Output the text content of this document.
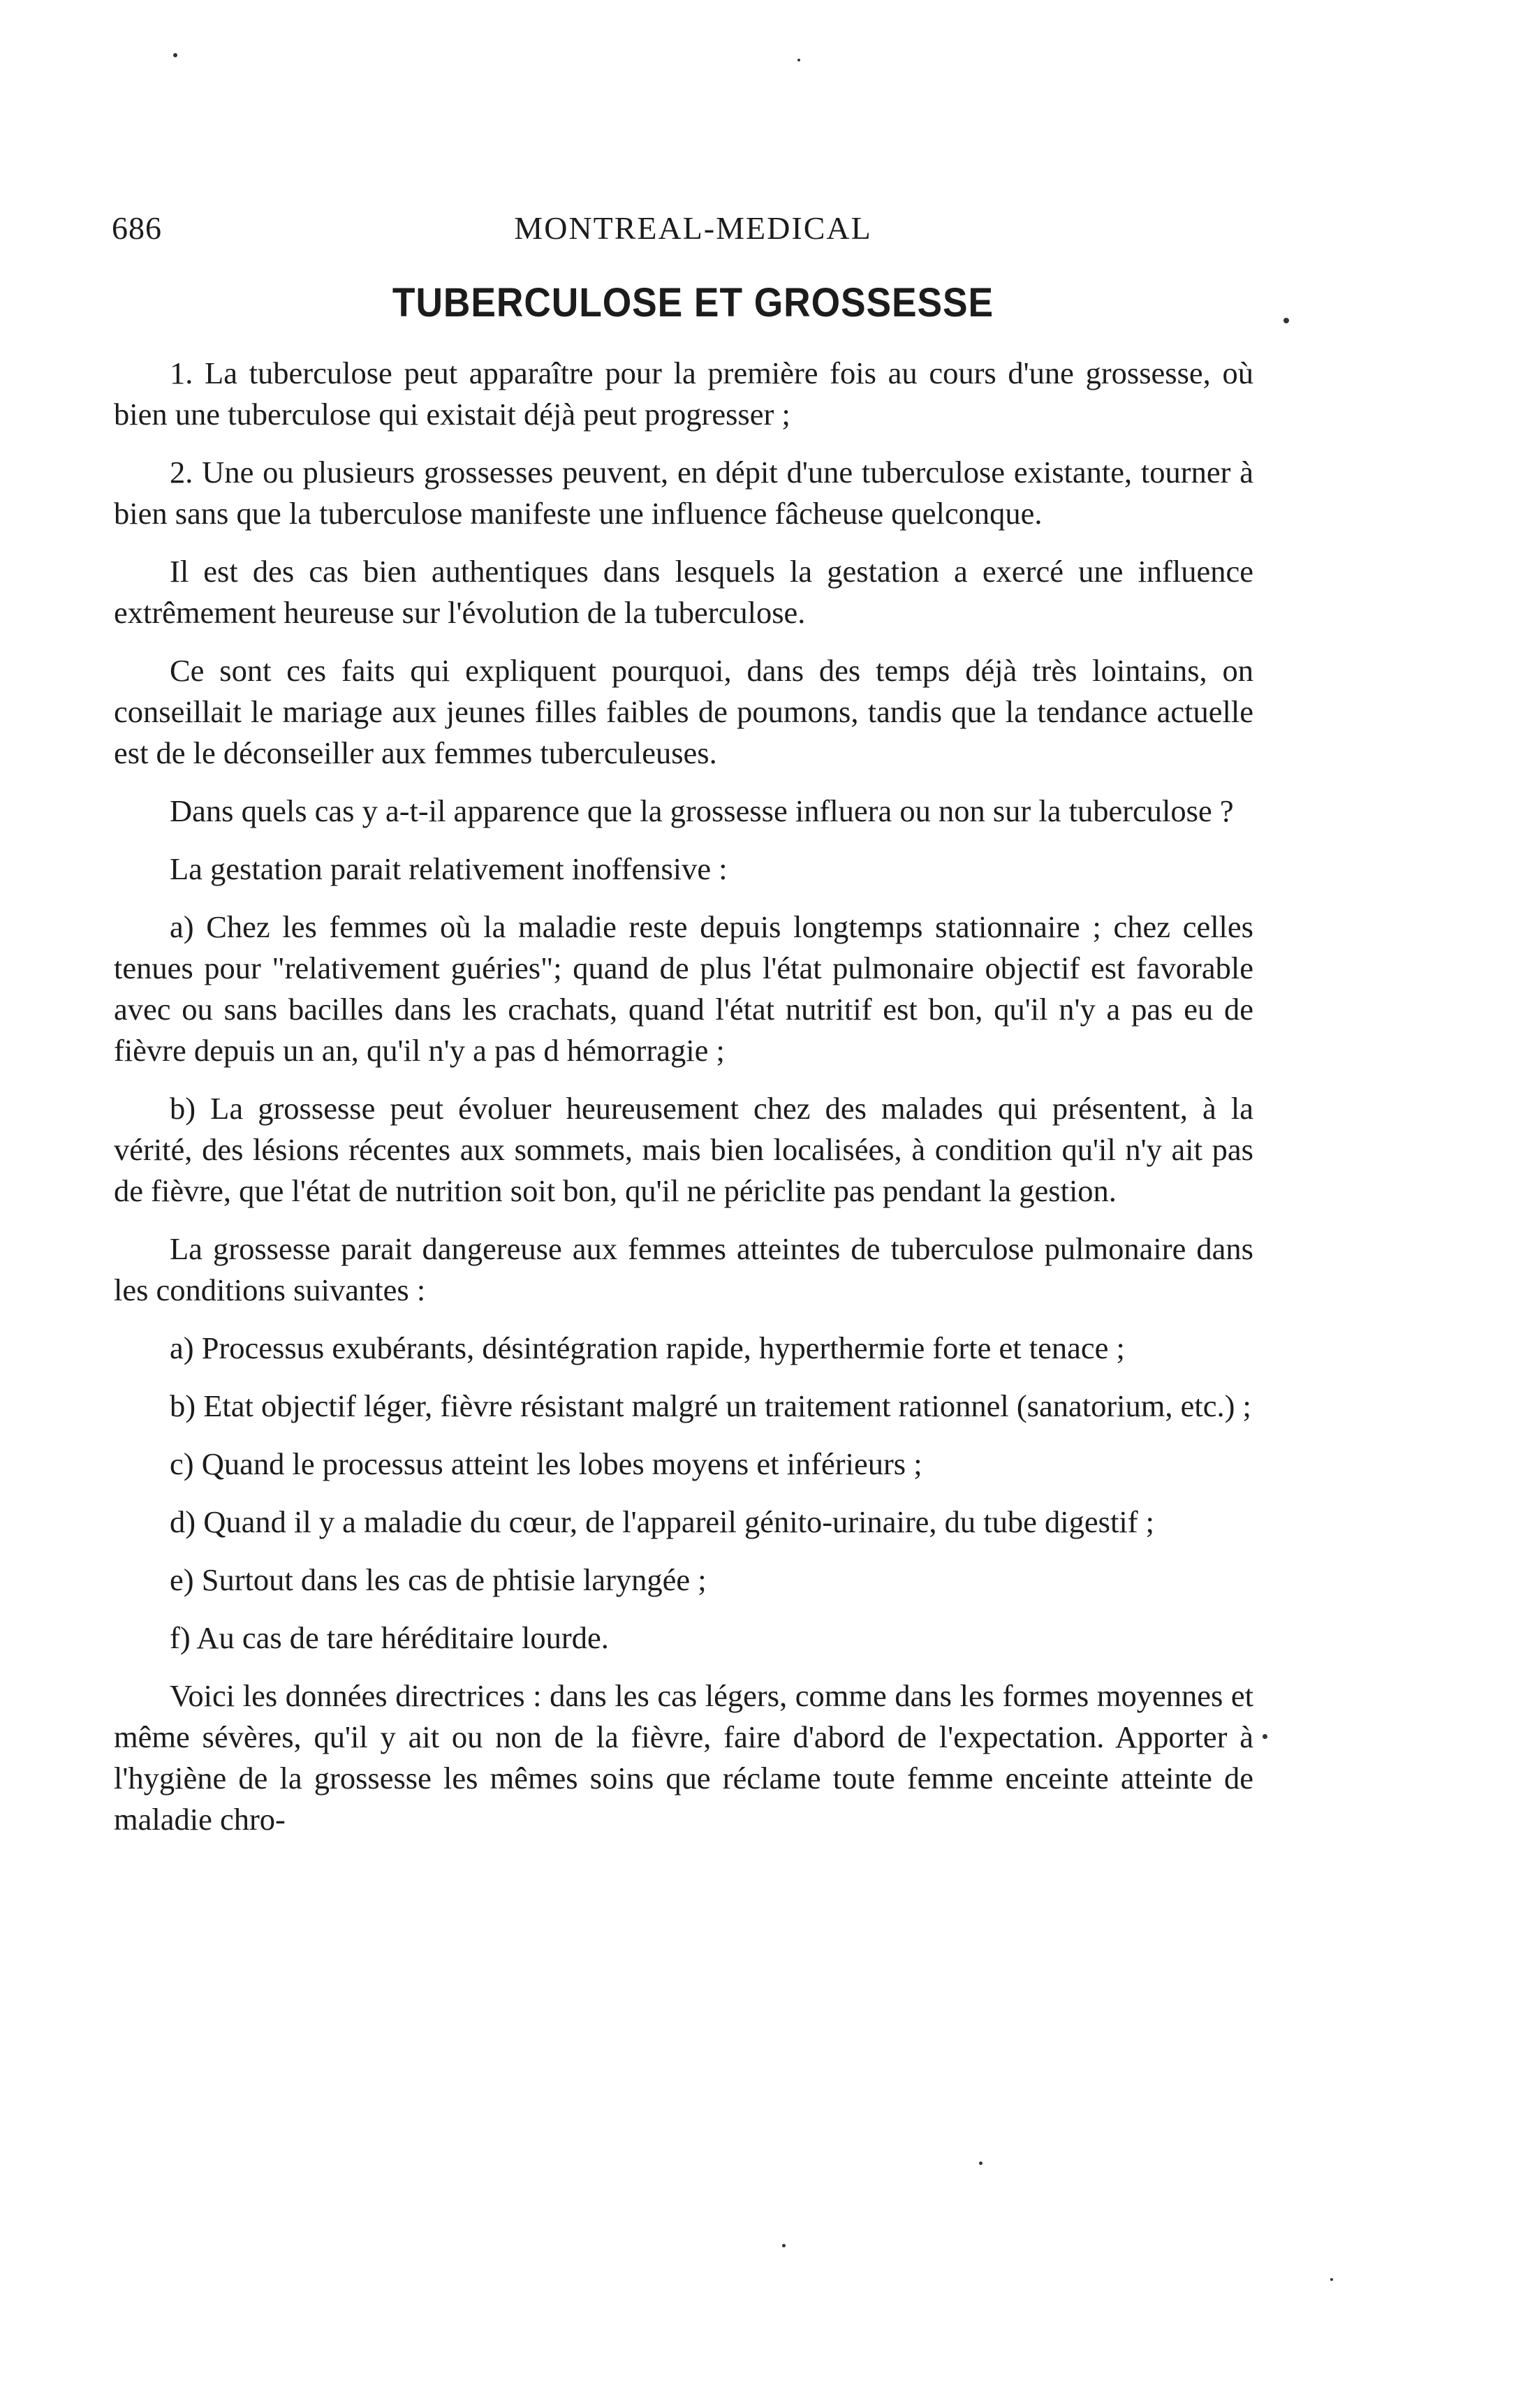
686	MONTREAL-MEDICAL
TUBERCULOSE ET GROSSESSE

1. La tuberculose peut apparaître pour la première fois au cours d'une grossesse, où bien une tuberculose qui existait déjà peut progresser ;

2. Une ou plusieurs grossesses peuvent, en dépit d'une tuberculose existante, tourner à bien sans que la tuberculose manifeste une influence fâcheuse quelconque.

Il est des cas bien authentiques dans lesquels la gestation a exercé une influence extrêmement heureuse sur l'évolution de la tuberculose.

Ce sont ces faits qui expliquent pourquoi, dans des temps déjà très lointains, on conseillait le mariage aux jeunes filles faibles de poumons, tandis que la tendance actuelle est de le déconseiller aux femmes tuberculeuses.

Dans quels cas y a-t-il apparence que la grossesse influera ou non sur la tuberculose ?

La gestation parait relativement inoffensive :

a) Chez les femmes où la maladie reste depuis longtemps stationnaire ; chez celles tenues pour "relativement guéries"; quand de plus l'état pulmonaire objectif est favorable avec ou sans bacilles dans les crachats, quand l'état nutritif est bon, qu'il n'y a pas eu de fièvre depuis un an, qu'il n'y a pas d hémorragie ;

b) La grossesse peut évoluer heureusement chez des malades qui présentent, à la vérité, des lésions récentes aux sommets, mais bien localisées, à condition qu'il n'y ait pas de fièvre, que l'état de nutrition soit bon, qu'il ne périclite pas pendant la gestion.

La grossesse parait dangereuse aux femmes atteintes de tuberculose pulmonaire dans les conditions suivantes :

a) Processus exubérants, désintégration rapide, hyperthermie forte et tenace ;

b) Etat objectif léger, fièvre résistant malgré un traitement rationnel (sanatorium, etc.) ;

c) Quand le processus atteint les lobes moyens et inférieurs ;

d) Quand il y a maladie du cœur, de l'appareil génito-urinaire, du tube digestif ;

e) Surtout dans les cas de phtisie laryngée ;

f) Au cas de tare héréditaire lourde.

Voici les données directrices : dans les cas légers, comme dans les formes moyennes et même sévères, qu'il y ait ou non de la fièvre, faire d'abord de l'expectation. Apporter à l'hygiène de la grossesse les mêmes soins que réclame toute femme enceinte atteinte de maladie chro-
